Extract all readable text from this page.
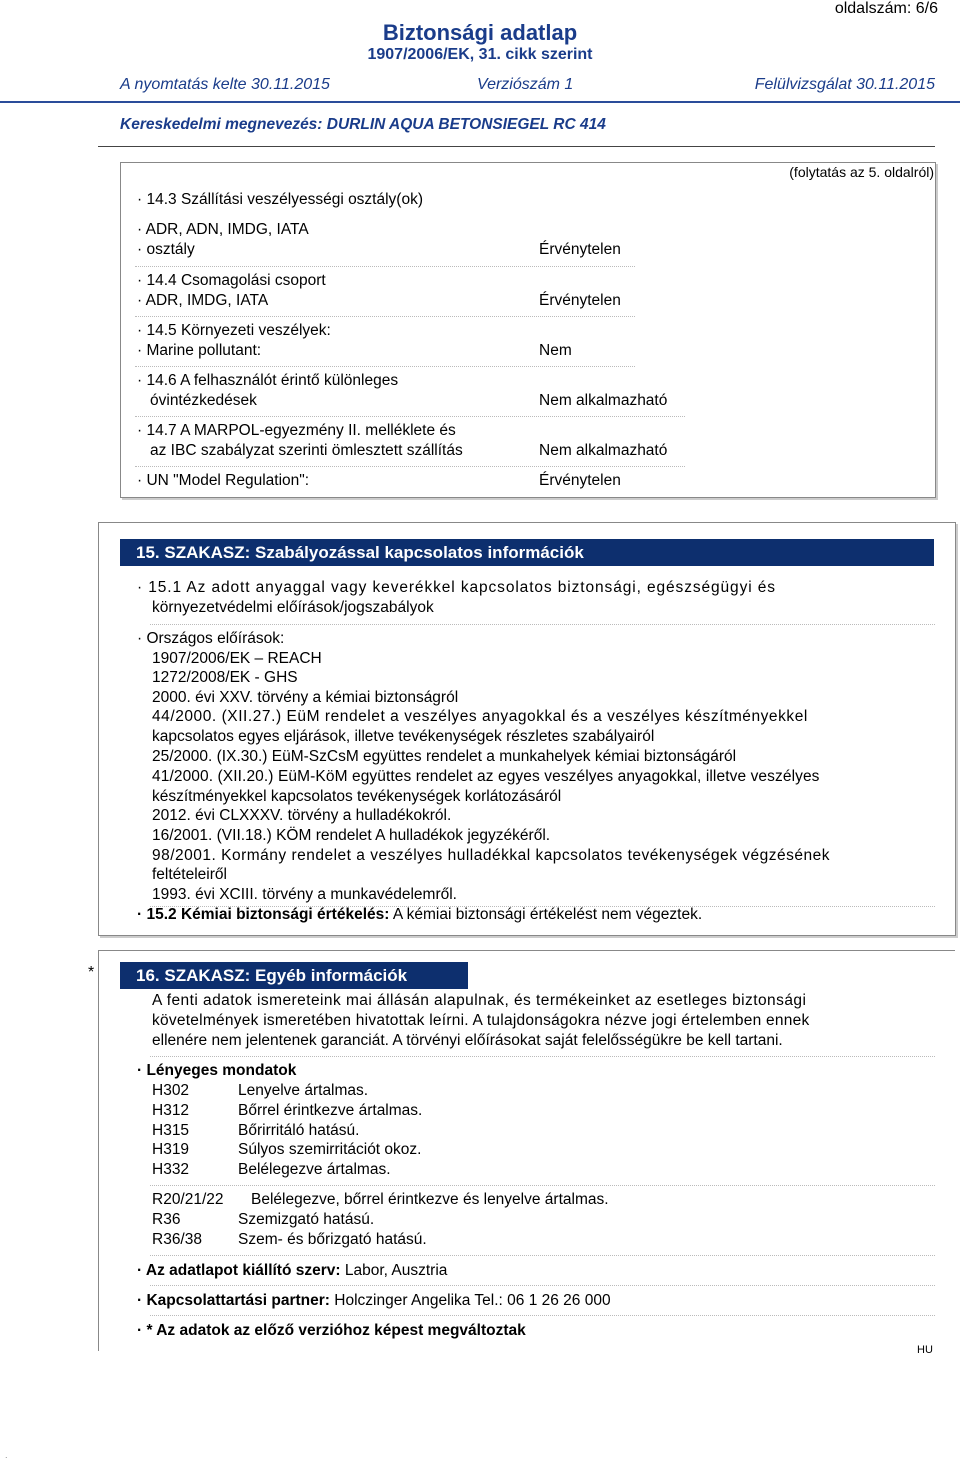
oldalszám: 6/6
Biztonsági adatlap
1907/2006/EK, 31. cikk szerint
A nyomtatás kelte 30.11.2015	Verziószám 1	Felülvizsgálat 30.11.2015
Kereskedelmi megnevezés: DURLIN AQUA BETONSIEGEL RC 414
(folytatás az 5. oldalról)
· 14.3 Szállítási veszélyességi osztály(ok)
· ADR, ADN, IMDG, IATA
· osztály	Érvénytelen
· 14.4 Csomagolási csoport
· ADR, IMDG, IATA	Érvénytelen
· 14.5 Környezeti veszélyek:
· Marine pollutant:	Nem
· 14.6 A felhasználót érintő különleges
óvintézkedések	Nem alkalmazható
· 14.7 A MARPOL-egyezmény II. melléklete és
az IBC szabályzat szerinti ömlesztett szállítás	Nem alkalmazható
· UN "Model Regulation":	Érvénytelen
15. SZAKASZ: Szabályozással kapcsolatos információk
· 15.1 Az adott anyaggal vagy keverékkel kapcsolatos biztonsági, egészségügyi és
környezetvédelmi előírások/jogszabályok
· Országos előírások:
1907/2006/EK – REACH
1272/2008/EK - GHS
2000. évi XXV. törvény a kémiai biztonságról
44/2000. (XII.27.) EüM rendelet a veszélyes anyagokkal és a veszélyes készítményekkel
kapcsolatos egyes eljárások, illetve tevékenységek részletes szabályairól
25/2000. (IX.30.) EüM-SzCsM együttes rendelet a munkahelyek kémiai biztonságáról
41/2000. (XII.20.) EüM-KöM együttes rendelet az egyes veszélyes anyagokkal, illetve veszélyes
készítményekkel kapcsolatos tevékenységek korlátozásáról
2012. évi CLXXXV. törvény a hulladékokról.
16/2001. (VII.18.) KÖM rendelet A hulladékok jegyzékéről.
98/2001. Kormány rendelet a veszélyes hulladékkal kapcsolatos tevékenységek végzésének
feltételeiről
1993. évi XCIII. törvény a munkavédelemről.
· 15.2 Kémiai biztonsági értékelés: A kémiai biztonsági értékelést nem végeztek.
*	16. SZAKASZ: Egyéb információk
A fenti adatok ismereteink mai állásán alapulnak, és termékeinket az esetleges biztonsági
követelmények ismeretében hivatottak leírni. A tulajdonságokra nézve jogi értelemben ennek
ellenére nem jelentenek garanciát. A törvényi előírásokat saját felelősségükre be kell tartani.
· Lényeges mondatok
H302	Lenyelve ártalmas.
H312	Bőrrel érintkezve ártalmas.
H315	Bőrirritáló hatású.
H319	Súlyos szemirritációt okoz.
H332	Belélegezve ártalmas.
R20/21/22 Belélegezve, bőrrel érintkezve és lenyelve ártalmas.
R36	Szemizgató hatású.
R36/38 Szem- és bőrizgató hatású.
· Az adatlapot kiállító szerv: Labor, Ausztria
· Kapcsolattartási partner: Holczinger Angelika Tel.: 06 1 26 26 000
· * Az adatok az előző verzióhoz képest megváltoztak
HU
.
